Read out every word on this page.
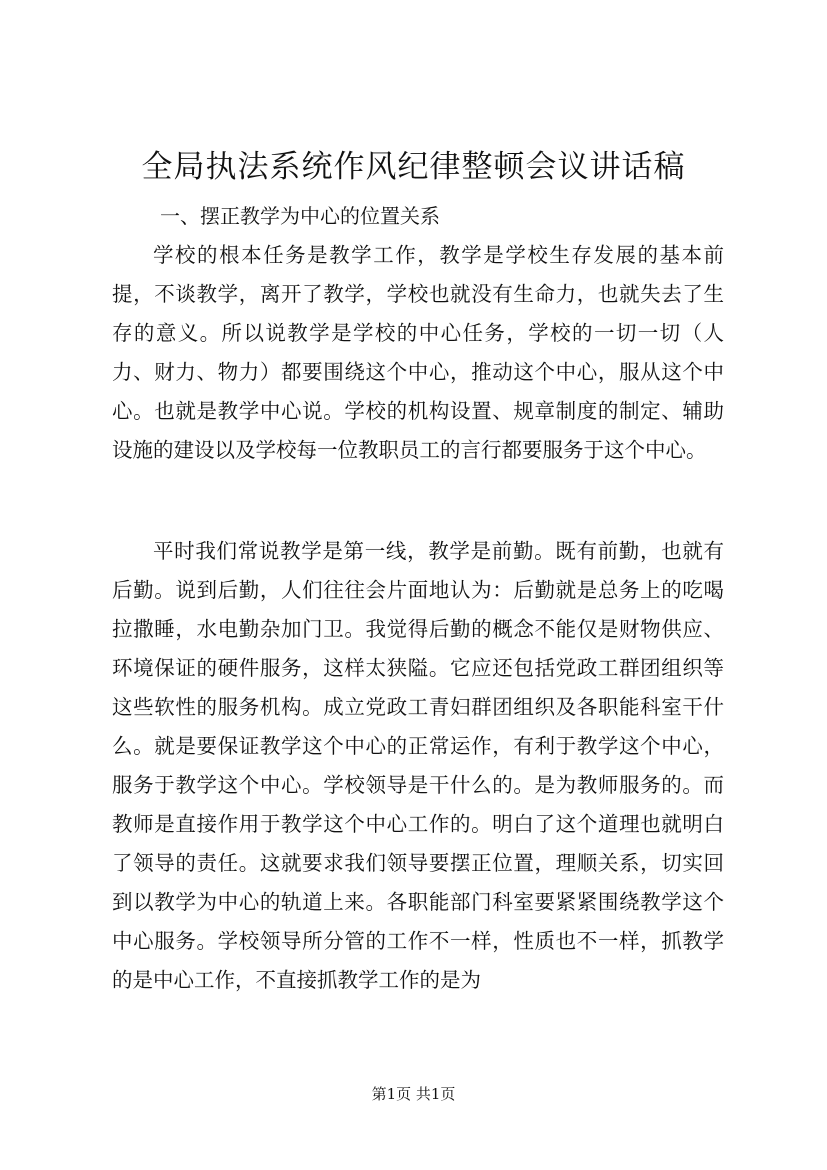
全局执法系统作风纪律整顿会议讲话稿

一、摆正教学为中心的位置关系

学校的根本任务是教学工作，教学是学校生存发展的基本前提，不谈教学，离开了教学，学校也就没有生命力，也就失去了生存的意义。所以说教学是学校的中心任务，学校的一切一切（人力、财力、物力）都要围绕这个中心，推动这个中心，服从这个中心。也就是教学中心说。学校的机构设置、规章制度的制定、辅助设施的建设以及学校每一位教职员工的言行都要服务于这个中心。

平时我们常说教学是第一线，教学是前勤。既有前勤，也就有后勤。说到后勤，人们往往会片面地认为：后勤就是总务上的吃喝拉撒睡，水电勤杂加门卫。我觉得后勤的概念不能仅是财物供应、环境保证的硬件服务，这样太狭隘。它应还包括党政工群团组织等这些软性的服务机构。成立党政工青妇群团组织及各职能科室干什么。就是要保证教学这个中心的正常运作，有利于教学这个中心，服务于教学这个中心。学校领导是干什么的。是为教师服务的。而教师是直接作用于教学这个中心工作的。明白了这个道理也就明白了领导的责任。这就要求我们领导要摆正位置，理顺关系，切实回到以教学为中心的轨道上来。各职能部门科室要紧紧围绕教学这个中心服务。学校领导所分管的工作不一样，性质也不一样，抓教学的是中心工作，不直接抓教学工作的是为

第1页 共1页
